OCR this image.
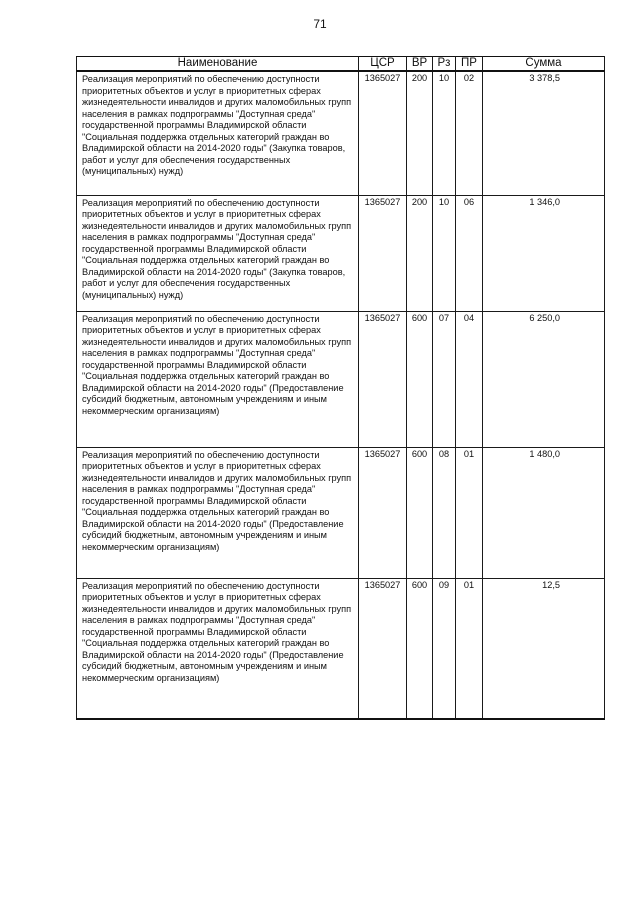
71
Наименование	ЦСР	ВР	Рз	ПР	Сумма
Реализация мероприятий по обеспечению доступности приоритетных объектов и услуг в приоритетных сферах жизнедеятельности инвалидов и других маломобильных групп населения в рамках подпрограммы "Доступная среда" государственной программы Владимирской области "Социальная поддержка отдельных категорий граждан во Владимирской области на 2014-2020 годы" (Закупка товаров, работ и услуг для обеспечения государственных (муниципальных) нужд)	1365027	200	10	02	3 378,5
Реализация мероприятий по обеспечению доступности приоритетных объектов и услуг в приоритетных сферах жизнедеятельности инвалидов и других маломобильных групп населения в рамках подпрограммы "Доступная среда" государственной программы Владимирской области "Социальная поддержка отдельных категорий граждан во Владимирской области на 2014-2020 годы" (Закупка товаров, работ и услуг для обеспечения государственных (муниципальных) нужд)	1365027	200	10	06	1 346,0
Реализация мероприятий по обеспечению доступности приоритетных объектов и услуг в приоритетных сферах жизнедеятельности инвалидов и других маломобильных групп населения в рамках подпрограммы "Доступная среда" государственной программы Владимирской области "Социальная поддержка отдельных категорий граждан во Владимирской области на 2014-2020 годы" (Предоставление субсидий бюджетным, автономным учреждениям и иным некоммерческим организациям)	1365027	600	07	04	6 250,0
Реализация мероприятий по обеспечению доступности приоритетных объектов и услуг в приоритетных сферах жизнедеятельности инвалидов и других маломобильных групп населения в рамках подпрограммы "Доступная среда" государственной программы Владимирской области "Социальная поддержка отдельных категорий граждан во Владимирской области на 2014-2020 годы" (Предоставление субсидий бюджетным, автономным учреждениям и иным некоммерческим организациям)	1365027	600	08	01	1 480,0
Реализация мероприятий по обеспечению доступности приоритетных объектов и услуг в приоритетных сферах жизнедеятельности инвалидов и других маломобильных групп населения в рамках подпрограммы "Доступная среда" государственной программы Владимирской области "Социальная поддержка отдельных категорий граждан во Владимирской области на 2014-2020 годы" (Предоставление субсидий бюджетным, автономным учреждениям и иным некоммерческим организациям)	1365027	600	09	01	12,5
